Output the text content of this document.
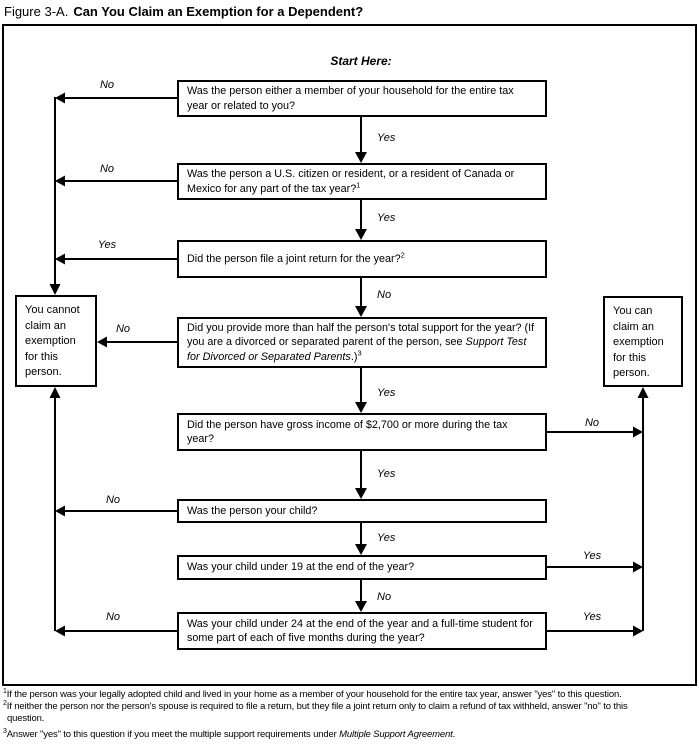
Figure 3-A. Can You Claim an Exemption for a Dependent?
Start Here:
Was the person either a member of your household for the entire tax year or related to you?
Was the person a U.S. citizen or resident, or a resident of Canada or Mexico for any part of the tax year?$^1$
Did the person file a joint return for the year?$^2$
Did you provide more than half the person's total support for the year? (If you are a divorced or separated parent of the person, see Support Test for Divorced or Separated Parents.)$^3$
Did the person have gross income of $2,700 or more during the tax year?
Was the person your child?
Was your child under 19 at the end of the year?
Was your child under 24 at the end of the year and a full-time student for some part of each of five months during the year?
You cannot claim an exemption for this person.
You can claim an exemption for this person.
No
Yes
No
Yes
Yes
No
No
Yes
No
Yes
No
Yes
Yes
No
No	Yes
$^1$If the person was your legally adopted child and lived in your home as a member of your household for the entire tax year, answer "yes" to this question.
$^2$If neither the person nor the person's spouse is required to file a return, but they file a joint return only to claim a refund of tax withheld, answer "no" to this
question.
$^3$Answer "yes" to this question if you meet the multiple support requirements under Multiple Support Agreement.
